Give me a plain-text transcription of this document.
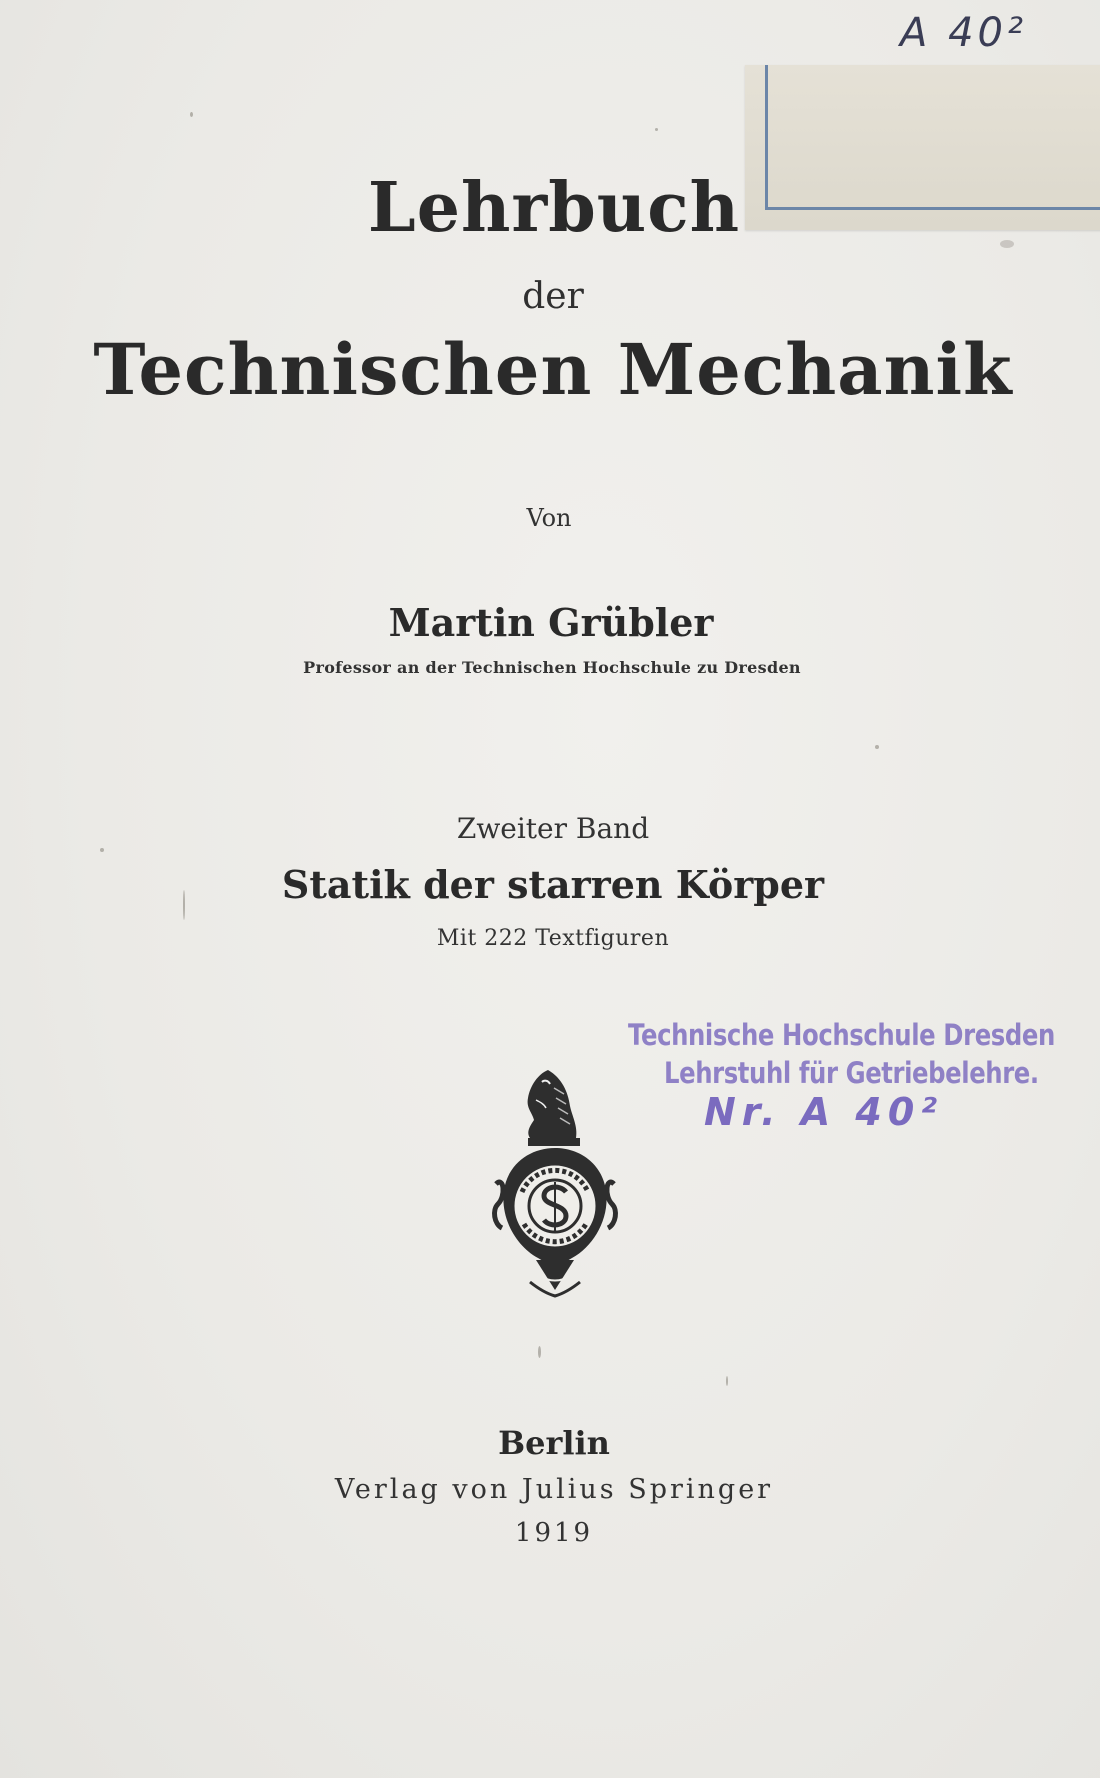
A 40²
Lehrbuch
der
Technischen Mechanik
Von
Martin Grübler
Professor an der Technischen Hochschule zu Dresden
Zweiter Band
Statik der starren Körper
Mit 222 Textfiguren
Technische Hochschule Dresden
Lehrstuhl für Getriebelehre.
Nr. A 40²
Berlin
Verlag von Julius Springer
1919
